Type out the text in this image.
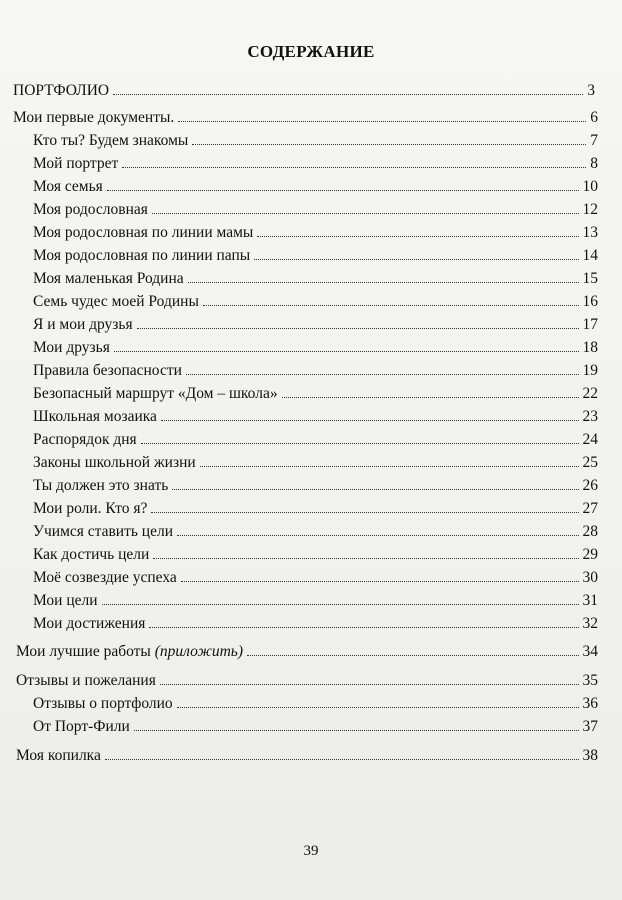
СОДЕРЖАНИЕ
ПОРТФОЛИО	3
Мои первые документы.	6
Кто ты? Будем знакомы	7
Мой портрет	8
Моя семья	10
Моя родословная	12
Моя родословная по линии мамы	13
Моя родословная по линии папы	14
Моя маленькая Родина	15
Семь чудес моей Родины	16
Я и мои друзья	17
Мои друзья	18
Правила безопасности	19
Безопасный маршрут «Дом – школа»	22
Школьная мозаика	23
Распорядок дня	24
Законы школьной жизни	25
Ты должен это знать	26
Мои роли. Кто я?	27
Учимся ставить цели	28
Как достичь цели	29
Моё созвездие успеха	30
Мои цели	31
Мои достижения	32
Мои лучшие работы (приложить)	34
Отзывы и пожелания	35
Отзывы о портфолио	36
От Порт-Фили	37
Моя копилка	38
39
